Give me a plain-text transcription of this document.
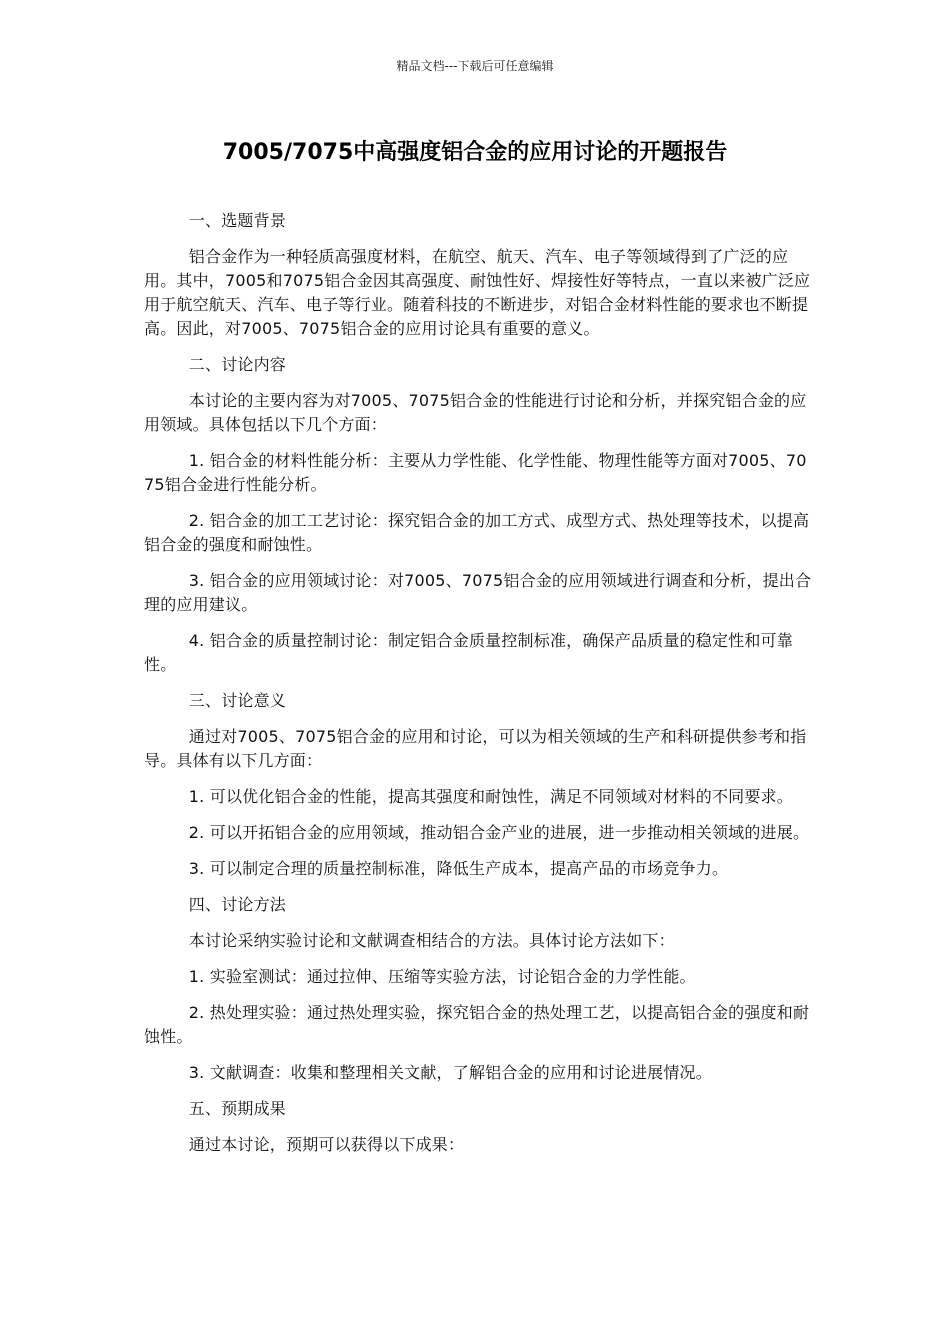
精品文档---下载后可任意编辑
7005/7075中高强度铝合金的应用讨论的开题报告

一、选题背景

铝合金作为一种轻质高强度材料，在航空、航天、汽车、电子等领域得到了广泛的应用。其中，7005和7075铝合金因其高强度、耐蚀性好、焊接性好等特点，一直以来被广泛应用于航空航天、汽车、电子等行业。随着科技的不断进步，对铝合金材料性能的要求也不断提高。因此，对7005、7075铝合金的应用讨论具有重要的意义。

二、讨论内容

本讨论的主要内容为对7005、7075铝合金的性能进行讨论和分析，并探究铝合金的应用领域。具体包括以下几个方面：

1. 铝合金的材料性能分析：主要从力学性能、化学性能、物理性能等方面对7005、7075铝合金进行性能分析。

2. 铝合金的加工工艺讨论：探究铝合金的加工方式、成型方式、热处理等技术，以提高铝合金的强度和耐蚀性。

3. 铝合金的应用领域讨论：对7005、7075铝合金的应用领域进行调查和分析，提出合理的应用建议。

4. 铝合金的质量控制讨论：制定铝合金质量控制标准，确保产品质量的稳定性和可靠性。

三、讨论意义

通过对7005、7075铝合金的应用和讨论，可以为相关领域的生产和科研提供参考和指导。具体有以下几方面：

1. 可以优化铝合金的性能，提高其强度和耐蚀性，满足不同领域对材料的不同要求。

2. 可以开拓铝合金的应用领域，推动铝合金产业的进展，进一步推动相关领域的进展。

3. 可以制定合理的质量控制标准，降低生产成本，提高产品的市场竞争力。

四、讨论方法

本讨论采纳实验讨论和文献调查相结合的方法。具体讨论方法如下：

1. 实验室测试：通过拉伸、压缩等实验方法，讨论铝合金的力学性能。

2. 热处理实验：通过热处理实验，探究铝合金的热处理工艺，以提高铝合金的强度和耐蚀性。

3. 文献调查：收集和整理相关文献，了解铝合金的应用和讨论进展情况。

五、预期成果

通过本讨论，预期可以获得以下成果：
